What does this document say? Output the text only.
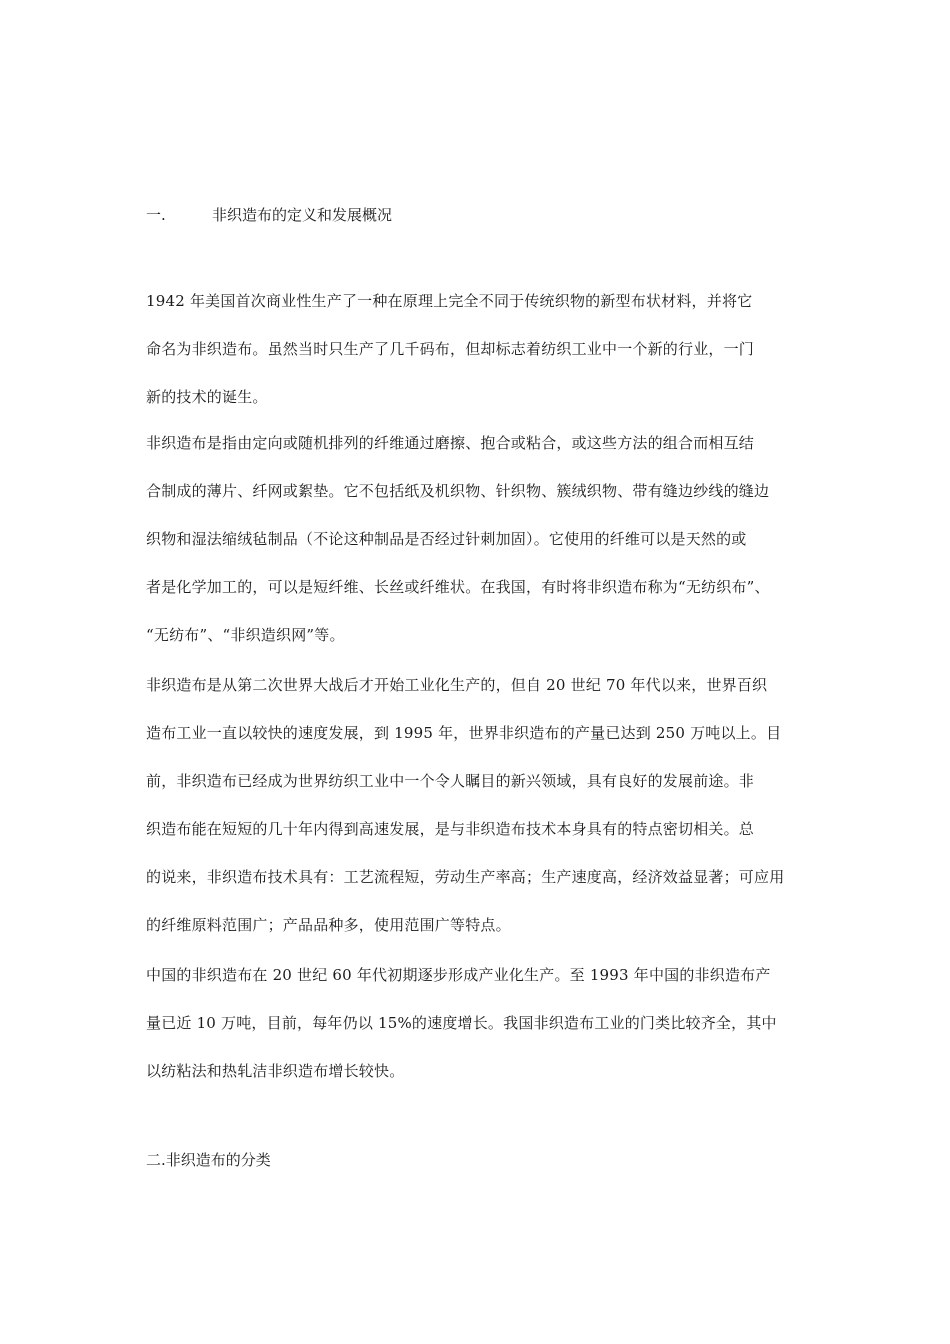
一.	非织造布的定义和发展概况
1942 年美国首次商业性生产了一种在原理上完全不同于传统织物的新型布状材料，并将它
命名为非织造布。虽然当时只生产了几千码布，但却标志着纺织工业中一个新的行业，一门
新的技术的诞生。
非织造布是指由定向或随机排列的纤维通过磨擦、抱合或粘合，或这些方法的组合而相互结
合制成的薄片、纤网或絮垫。它不包括纸及机织物、针织物、簇绒织物、带有缝边纱线的缝边
织物和湿法缩绒毡制品（不论这种制品是否经过针刺加固）。它使用的纤维可以是天然的或
者是化学加工的，可以是短纤维、长丝或纤维状。在我国，有时将非织造布称为“无纺织布”、
“无纺布”、“非织造织网”等。
非织造布是从第二次世界大战后才开始工业化生产的，但自 20 世纪 70 年代以来，世界百织
造布工业一直以较快的速度发展，到 1995 年，世界非织造布的产量已达到 250 万吨以上。目
前，非织造布已经成为世界纺织工业中一个令人瞩目的新兴领域，具有良好的发展前途。非
织造布能在短短的几十年内得到高速发展，是与非织造布技术本身具有的特点密切相关。总
的说来，非织造布技术具有：工艺流程短，劳动生产率高；生产速度高，经济效益显著；可应用
的纤维原料范围广；产品品种多，使用范围广等特点。
中国的非织造布在 20 世纪 60 年代初期逐步形成产业化生产。至 1993 年中国的非织造布产
量已近 10 万吨，目前，每年仍以 15%的速度增长。我国非织造布工业的门类比较齐全，其中
以纺粘法和热轧洁非织造布增长较快。
二.非织造布的分类
